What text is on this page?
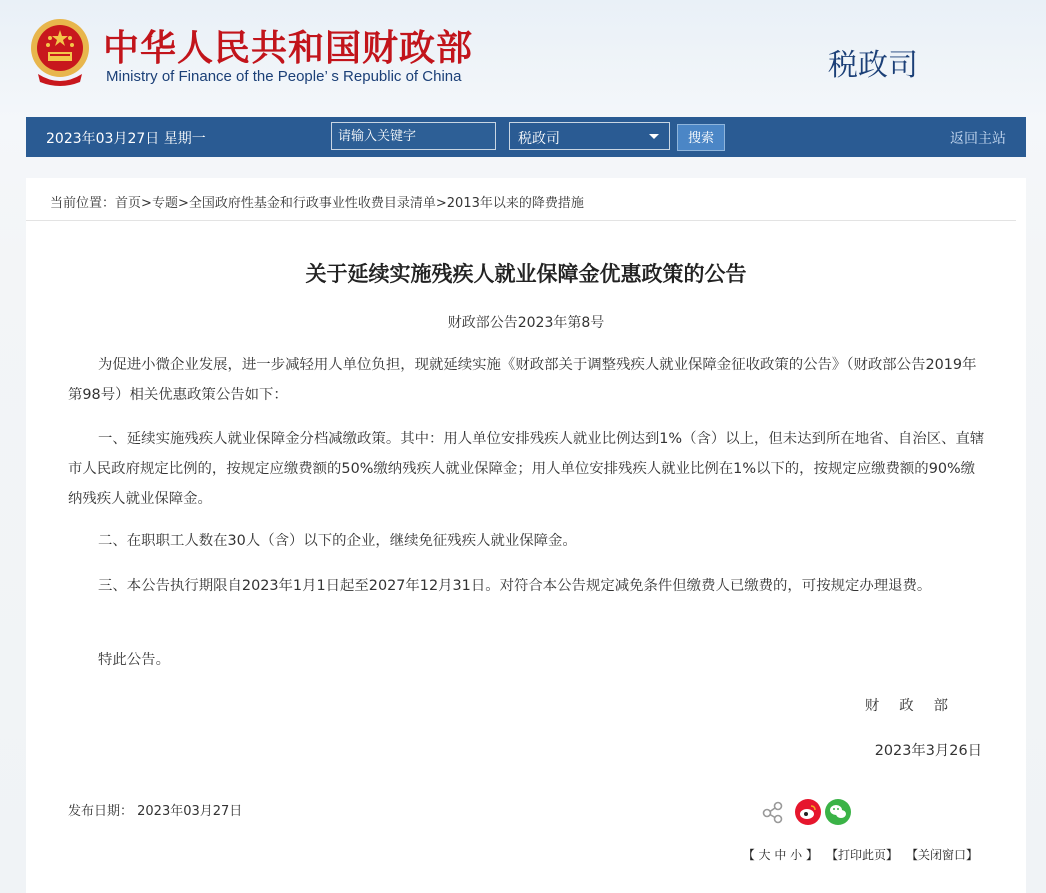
中华人民共和国财政部
Ministry of Finance of the People’ s Republic of China	税政司
2023年03月27日 星期一
请输入关键字	税政司	搜索	返回主站
当前位置：首页>专题>全国政府性基金和行政事业性收费目录清单>2013年以来的降费措施
关于延续实施残疾人就业保障金优惠政策的公告
财政部公告2023年第8号
为促进小微企业发展，进一步减轻用人单位负担，现就延续实施《财政部关于调整残疾人就业保障金征收政策的公告》（财政部公告2019年第98号）相关优惠政策公告如下：
一、延续实施残疾人就业保障金分档减缴政策。其中：用人单位安排残疾人就业比例达到1%（含）以上，但未达到所在地省、自治区、直辖市人民政府规定比例的，按规定应缴费额的50%缴纳残疾人就业保障金；用人单位安排残疾人就业比例在1%以下的，按规定应缴费额的90%缴纳残疾人就业保障金。
二、在职职工人数在30人（含）以下的企业，继续免征残疾人就业保障金。
三、本公告执行期限自2023年1月1日起至2027年12月31日。对符合本公告规定减免条件但缴费人已缴费的，可按规定办理退费。
特此公告。
财政部
2023年3月26日
发布日期： 2023年03月27日
【 大 中 小 】 【打印此页】 【关闭窗口】
